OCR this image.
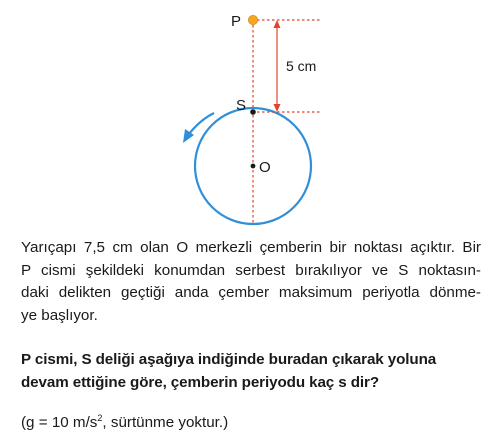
P
S
O
5 cm

Yarıçapı 7,5 cm olan O merkezli çemberin bir noktası açıktır. Bir
P cismi şekildeki konumdan serbest bırakılıyor ve S noktasın-
daki delikten geçtiği anda çember maksimum periyotla dönme-
ye başlıyor.

P cismi, S deliği aşağıya indiğinde buradan çıkarak yoluna
devam ettiğine göre, çemberin periyodu kaç s dir?

(g = 10 $m/s^2$, sürtünme yoktur.)
